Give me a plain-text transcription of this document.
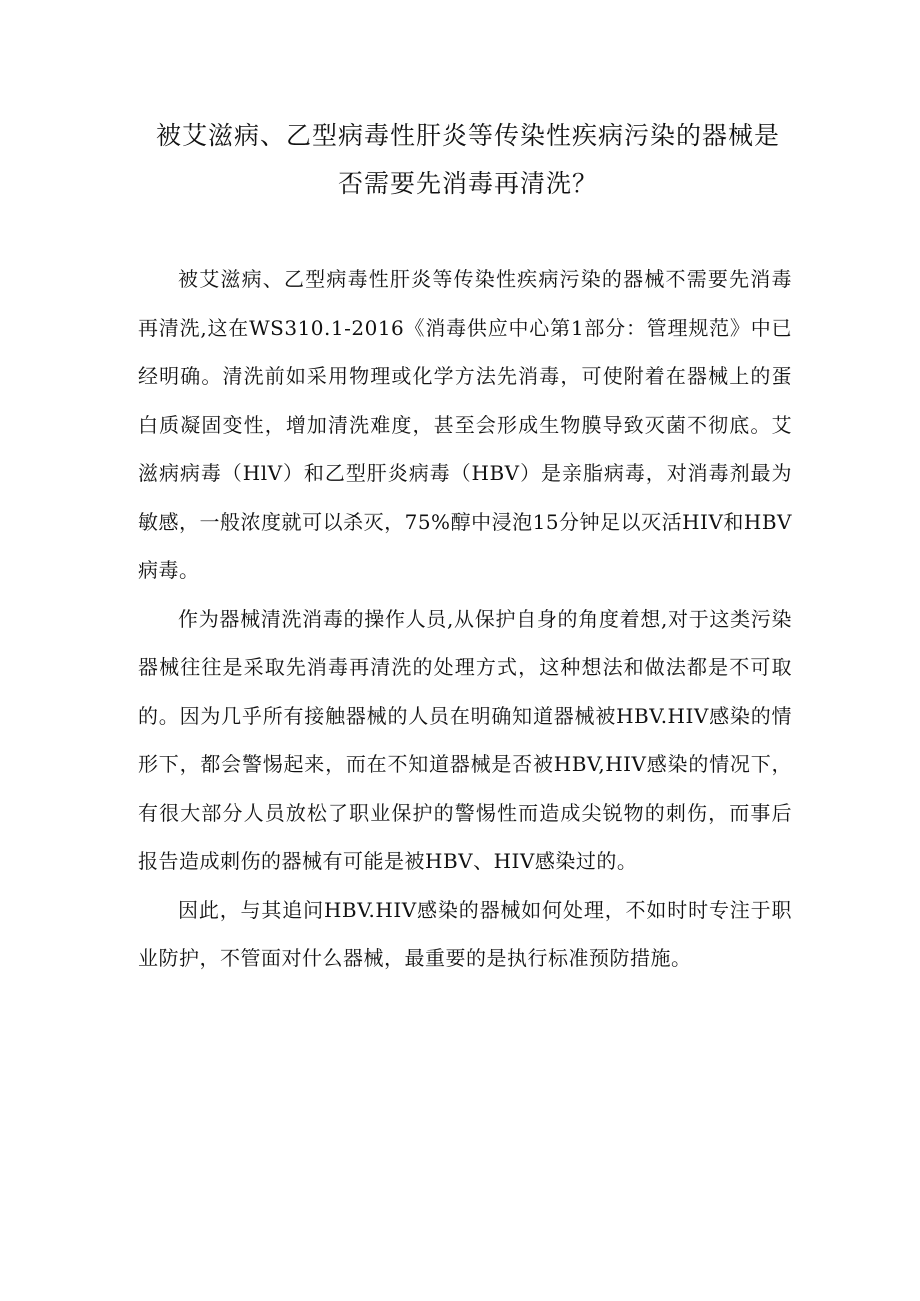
被艾滋病、乙型病毒性肝炎等传染性疾病污染的器械是
否需要先消毒再清洗？

被艾滋病、乙型病毒性肝炎等传染性疾病污染的器械不需要先消毒再清洗,这在WS310.1-2016《消毒供应中心第1部分：管理规范》中已经明确。清洗前如采用物理或化学方法先消毒，可使附着在器械上的蛋白质凝固变性，增加清洗难度，甚至会形成生物膜导致灭菌不彻底。艾滋病病毒（HlV）和乙型肝炎病毒（HBV）是亲脂病毒，对消毒剂最为敏感，一般浓度就可以杀灭，75%醇中浸泡15分钟足以灭活HIV和HBV病毒。

作为器械清洗消毒的操作人员,从保护自身的角度着想,对于这类污染器械往往是采取先消毒再清洗的处理方式，这种想法和做法都是不可取的。因为几乎所有接触器械的人员在明确知道器械被HBV.HIV感染的情形下，都会警惕起来，而在不知道器械是否被HBV,HIV感染的情况下，有很大部分人员放松了职业保护的警惕性而造成尖锐物的刺伤，而事后报告造成刺伤的器械有可能是被HBV、HIV感染过的。

因此，与其追问HBV.HIV感染的器械如何处理，不如时时专注于职业防护，不管面对什么器械，最重要的是执行标准预防措施。
